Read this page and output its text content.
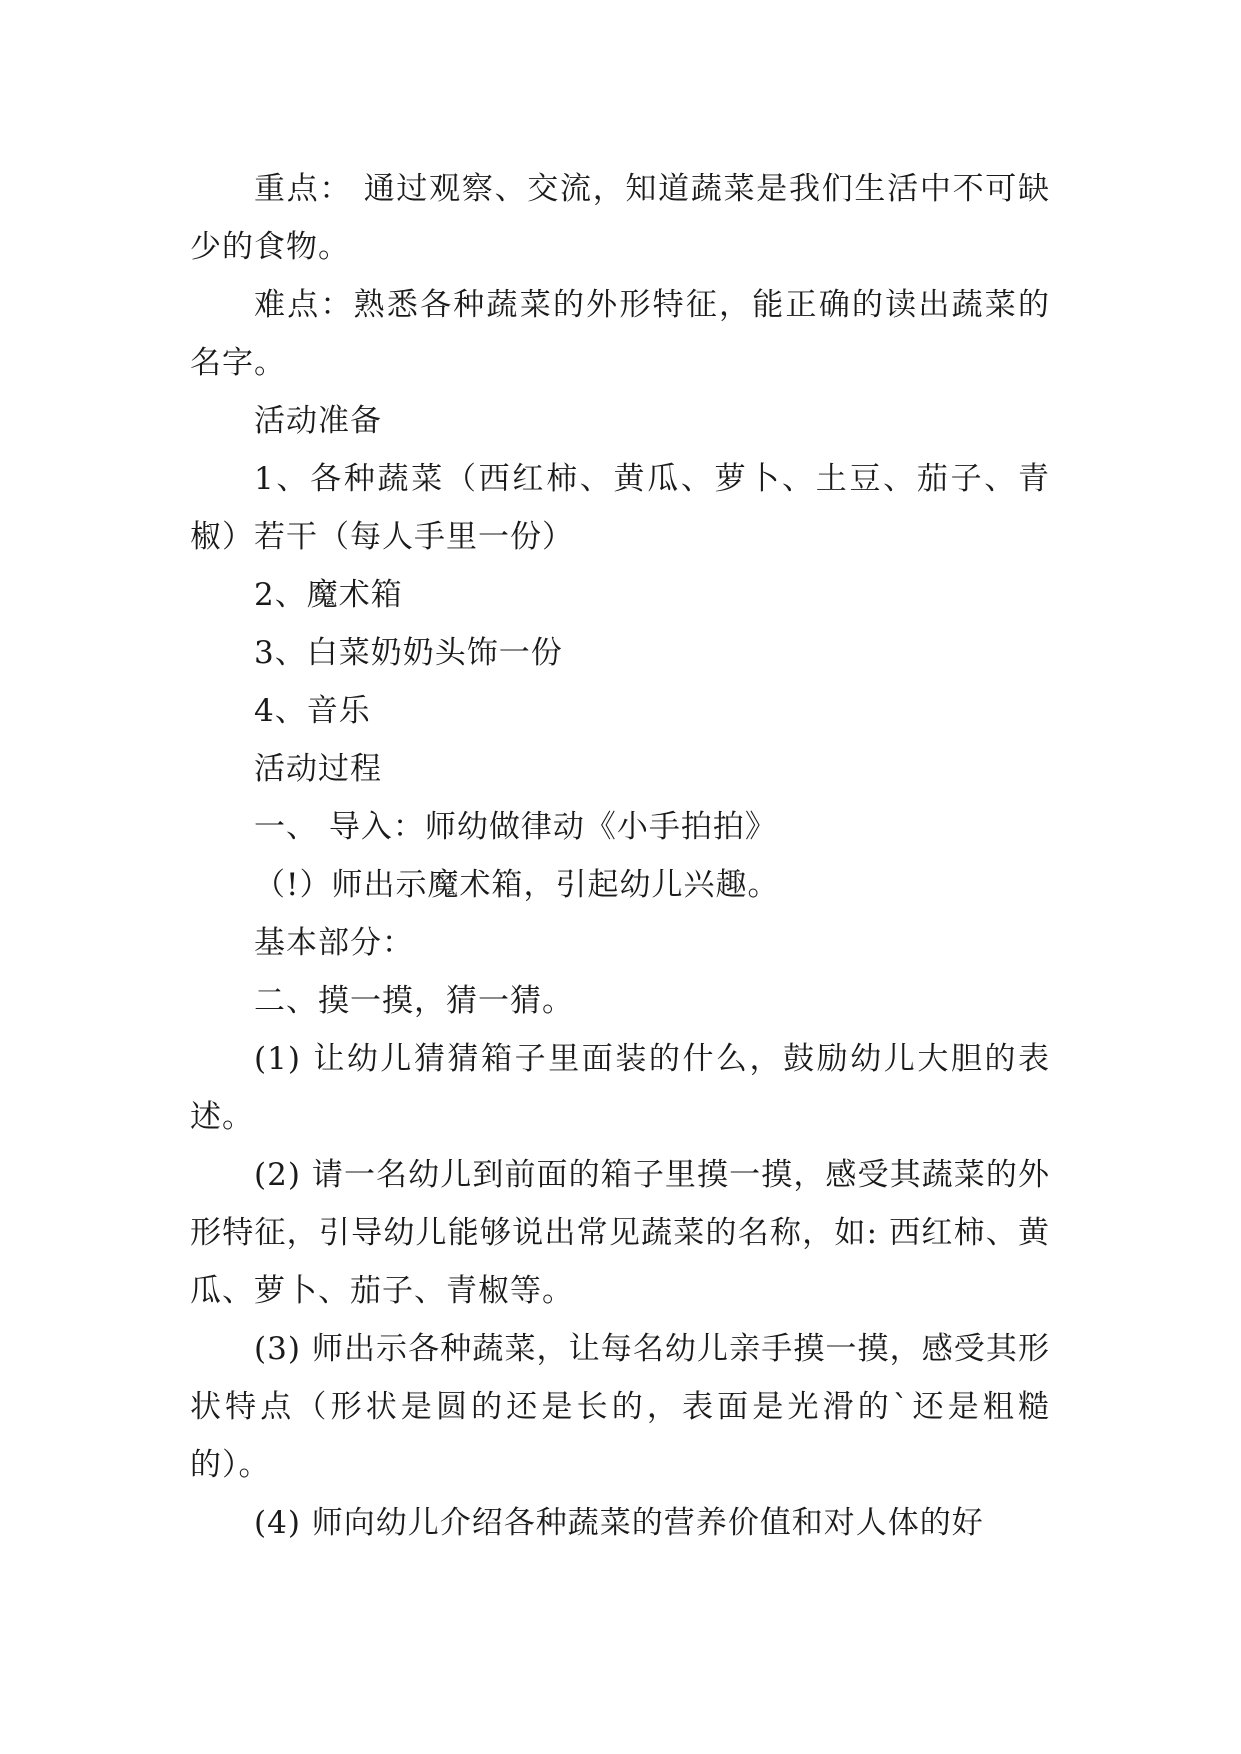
重点： 通过观察、交流，知道蔬菜是我们生活中不可缺少的食物。

难点：熟悉各种蔬菜的外形特征，能正确的读出蔬菜的名字。

活动准备

1、各种蔬菜（西红柿、黄瓜、萝卜、土豆、茄子、青椒）若干（每人手里一份）

2、魔术箱

3、白菜奶奶头饰一份

4、音乐

活动过程

一、 导入：师幼做律动《小手拍拍》

（!）师出示魔术箱，引起幼儿兴趣。

基本部分：

二、摸一摸，猜一猜。

(1) 让幼儿猜猜箱子里面装的什么，鼓励幼儿大胆的表述。

(2) 请一名幼儿到前面的箱子里摸一摸，感受其蔬菜的外形特征，引导幼儿能够说出常见蔬菜的名称，如: 西红柿、黄瓜、萝卜、茄子、青椒等。

(3) 师出示各种蔬菜，让每名幼儿亲手摸一摸，感受其形状特点（形状是圆的还是长的，表面是光滑的`还是粗糙的）。

(4) 师向幼儿介绍各种蔬菜的营养价值和对人体的好
